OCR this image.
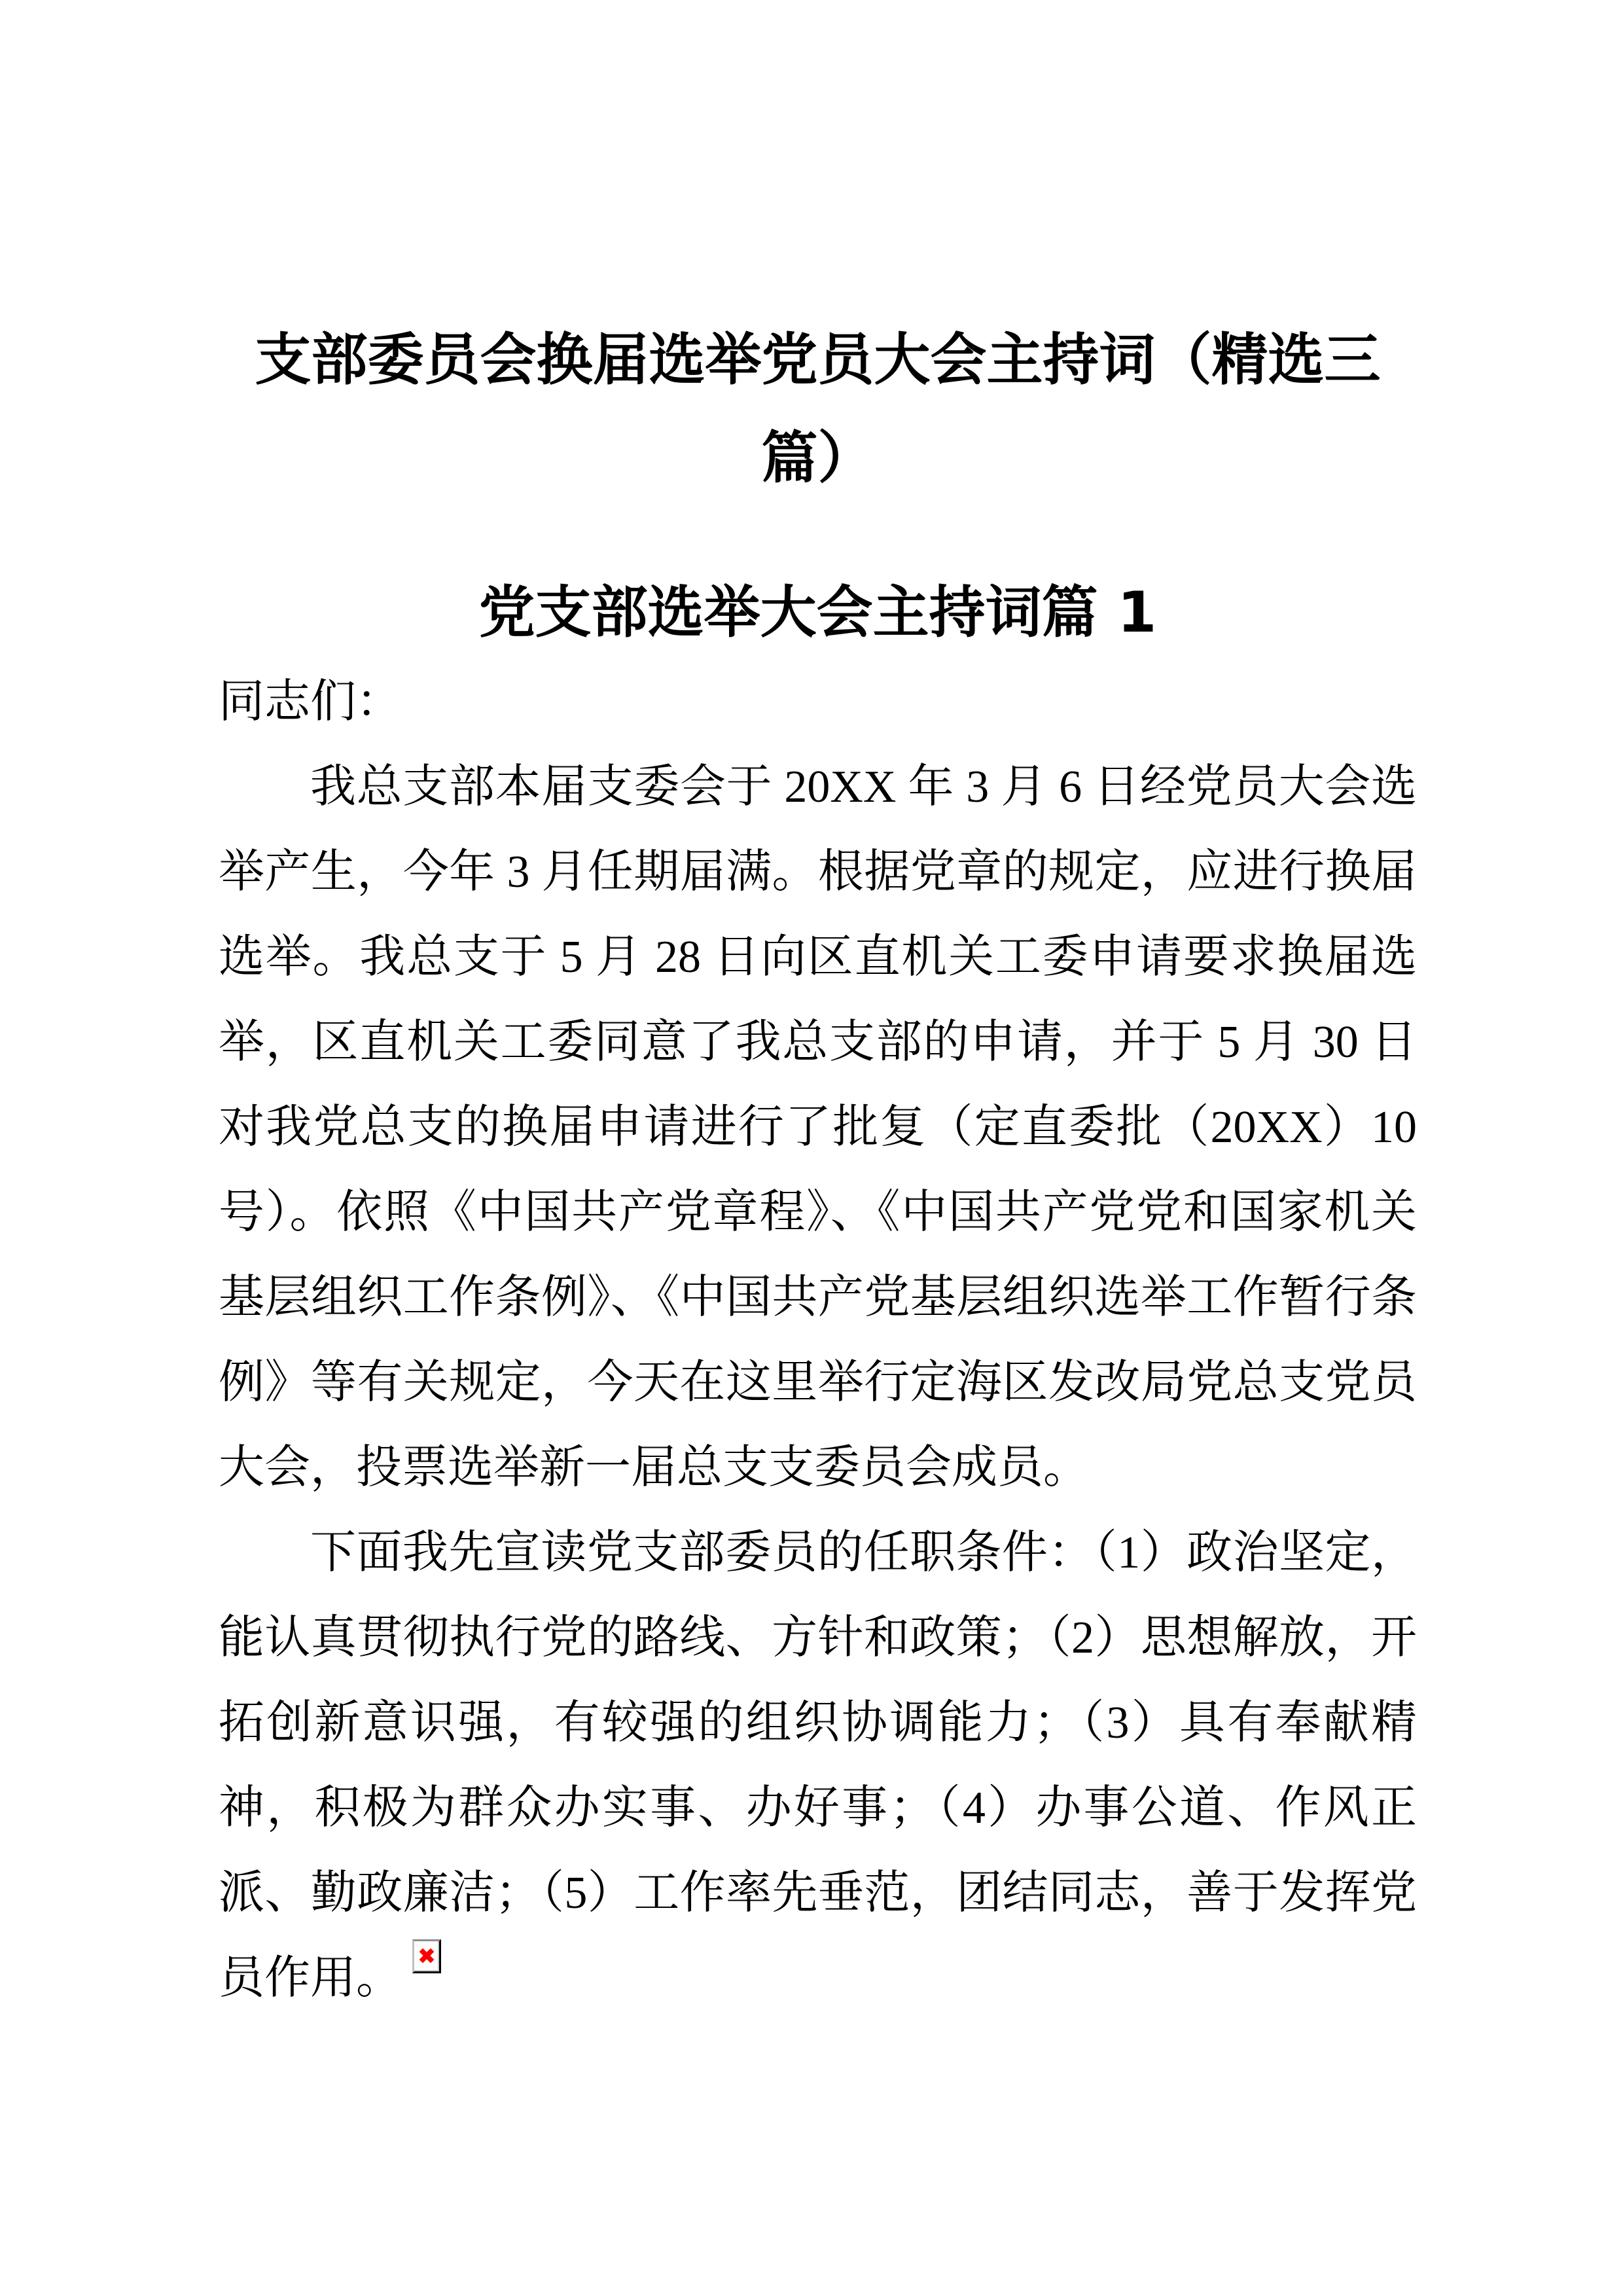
支部委员会换届选举党员大会主持词（精选三篇）
党支部选举大会主持词篇 1

同志们：

我总支部本届支委会于 20XX 年 3 月 6 日经党员大会选举产生，今年 3 月任期届满。根据党章的规定，应进行换届选举。我总支于 5 月 28 日向区直机关工委申请要求换届选举，区直机关工委同意了我总支部的申请，并于 5 月 30 日对我党总支的换届申请进行了批复（定直委批（20XX）10 号）。依照《中国共产党章程》、《中国共产党党和国家机关基层组织工作条例》、《中国共产党基层组织选举工作暂行条例》等有关规定，今天在这里举行定海区发改局党总支党员大会，投票选举新一届总支支委员会成员。

下面我先宣读党支部委员的任职条件：（1）政治坚定，能认真贯彻执行党的路线、方针和政策；（2）思想解放，开拓创新意识强，有较强的组织协调能力；（3）具有奉献精神，积极为群众办实事、办好事；（4）办事公道、作风正派、勤政廉洁；（5）工作率先垂范，团结同志，善于发挥党员作用。
